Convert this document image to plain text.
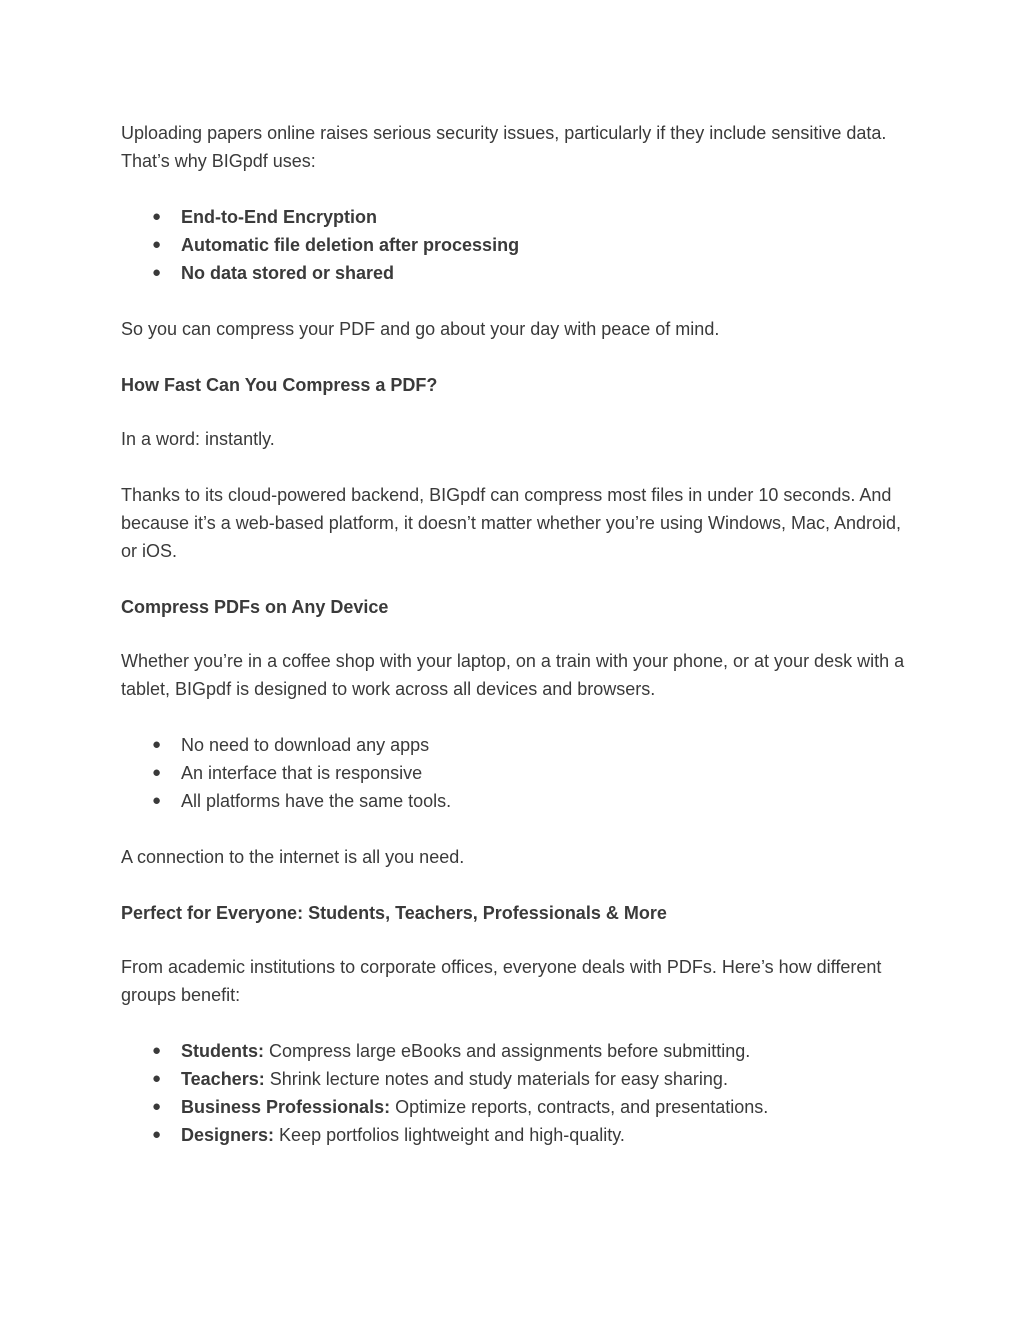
Uploading papers online raises serious security issues, particularly if they include sensitive data. That’s why BIGpdf uses:

● End-to-End Encryption
● Automatic file deletion after processing
● No data stored or shared

So you can compress your PDF and go about your day with peace of mind.

How Fast Can You Compress a PDF?

In a word: instantly.

Thanks to its cloud-powered backend, BIGpdf can compress most files in under 10 seconds. And because it’s a web-based platform, it doesn’t matter whether you’re using Windows, Mac, Android, or iOS.

Compress PDFs on Any Device

Whether you’re in a coffee shop with your laptop, on a train with your phone, or at your desk with a tablet, BIGpdf is designed to work across all devices and browsers.

● No need to download any apps
● An interface that is responsive
● All platforms have the same tools.

A connection to the internet is all you need.

Perfect for Everyone: Students, Teachers, Professionals & More

From academic institutions to corporate offices, everyone deals with PDFs. Here’s how different groups benefit:

● Students: Compress large eBooks and assignments before submitting.
● Teachers: Shrink lecture notes and study materials for easy sharing.
● Business Professionals: Optimize reports, contracts, and presentations.
● Designers: Keep portfolios lightweight and high-quality.
